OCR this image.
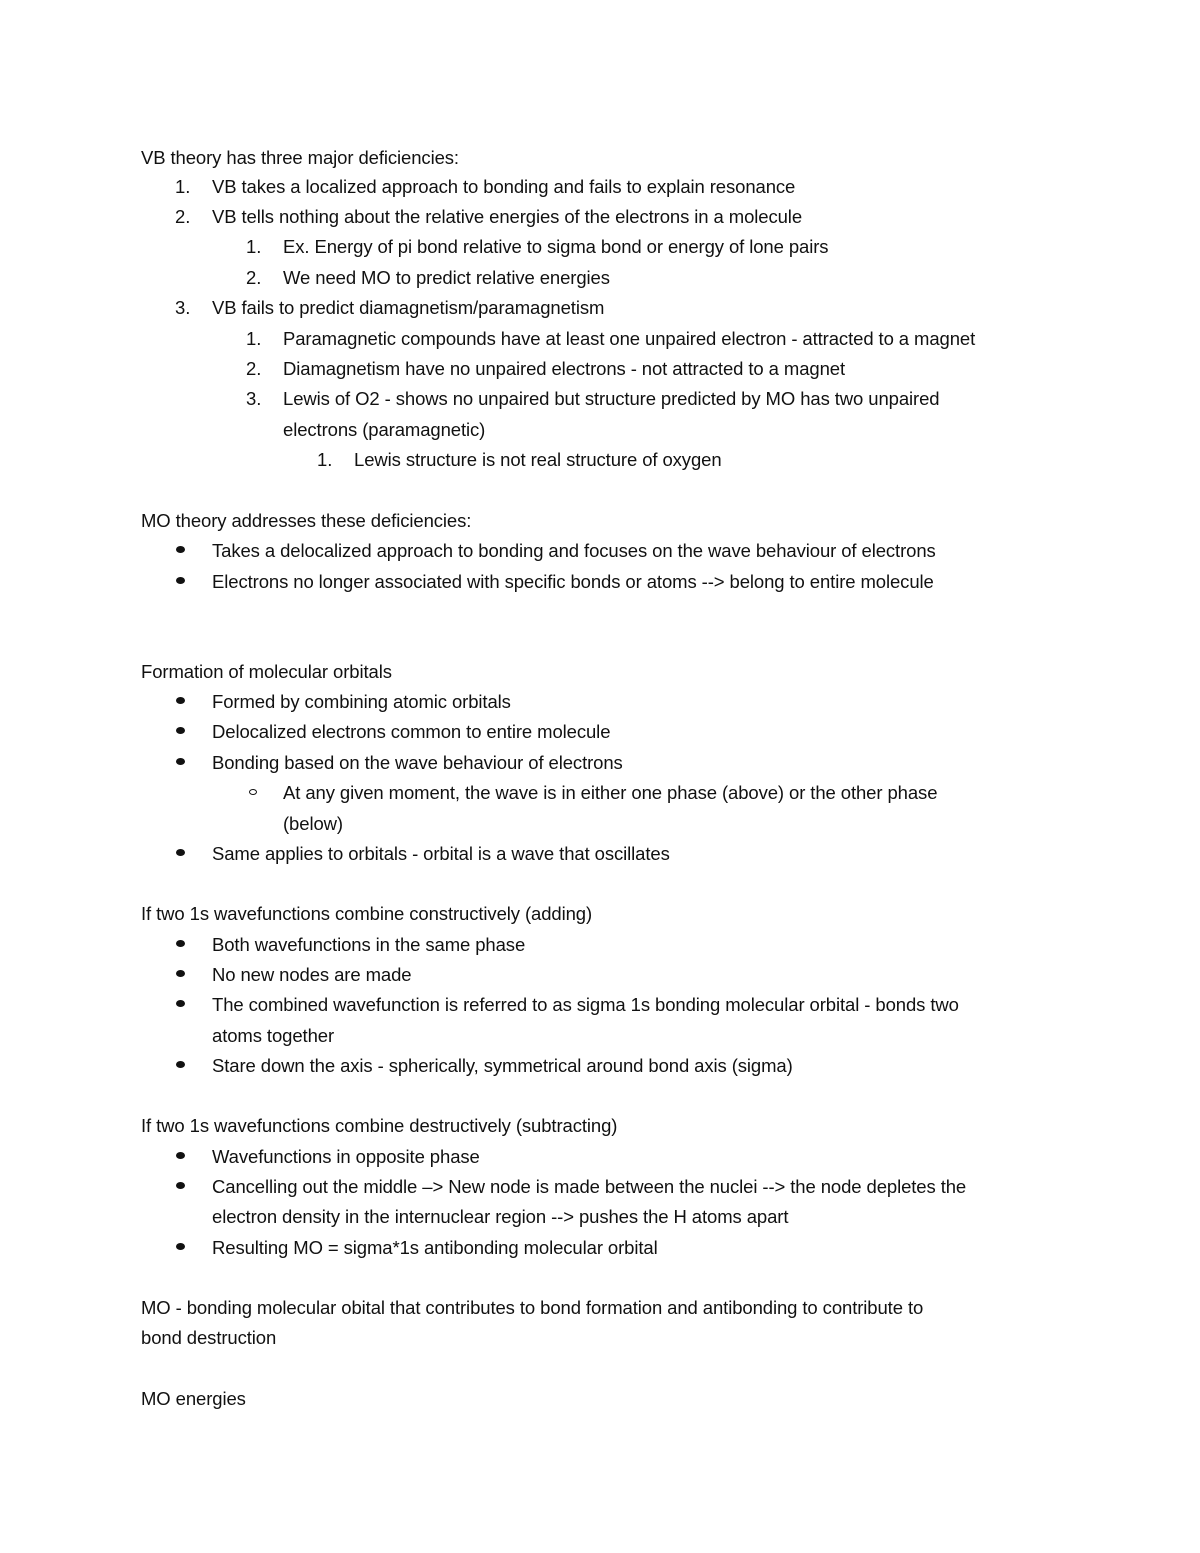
VB theory has three major deficiencies:
1. VB takes a localized approach to bonding and fails to explain resonance
2. VB tells nothing about the relative energies of the electrons in a molecule
1. Ex. Energy of pi bond relative to sigma bond or energy of lone pairs
2. We need MO to predict relative energies
3. VB fails to predict diamagnetism/paramagnetism
1. Paramagnetic compounds have at least one unpaired electron - attracted to a magnet
2. Diamagnetism have no unpaired electrons - not attracted to a magnet
3. Lewis of O2 - shows no unpaired but structure predicted by MO has two unpaired
electrons (paramagnetic)
1. Lewis structure is not real structure of oxygen
MO theory addresses these deficiencies:
Takes a delocalized approach to bonding and focuses on the wave behaviour of electrons
Electrons no longer associated with specific bonds or atoms --> belong to entire molecule
Formation of molecular orbitals
Formed by combining atomic orbitals
Delocalized electrons common to entire molecule
Bonding based on the wave behaviour of electrons
At any given moment, the wave is in either one phase (above) or the other phase
(below)
Same applies to orbitals - orbital is a wave that oscillates
If two 1s wavefunctions combine constructively (adding)
Both wavefunctions in the same phase
No new nodes are made
The combined wavefunction is referred to as sigma 1s bonding molecular orbital - bonds two
atoms together
Stare down the axis - spherically, symmetrical around bond axis (sigma)
If two 1s wavefunctions combine destructively (subtracting)
Wavefunctions in opposite phase
Cancelling out the middle –> New node is made between the nuclei --> the node depletes the
electron density in the internuclear region --> pushes the H atoms apart
Resulting MO = sigma*1s antibonding molecular orbital
MO - bonding molecular obital that contributes to bond formation and antibonding to contribute to
bond destruction
MO energies
